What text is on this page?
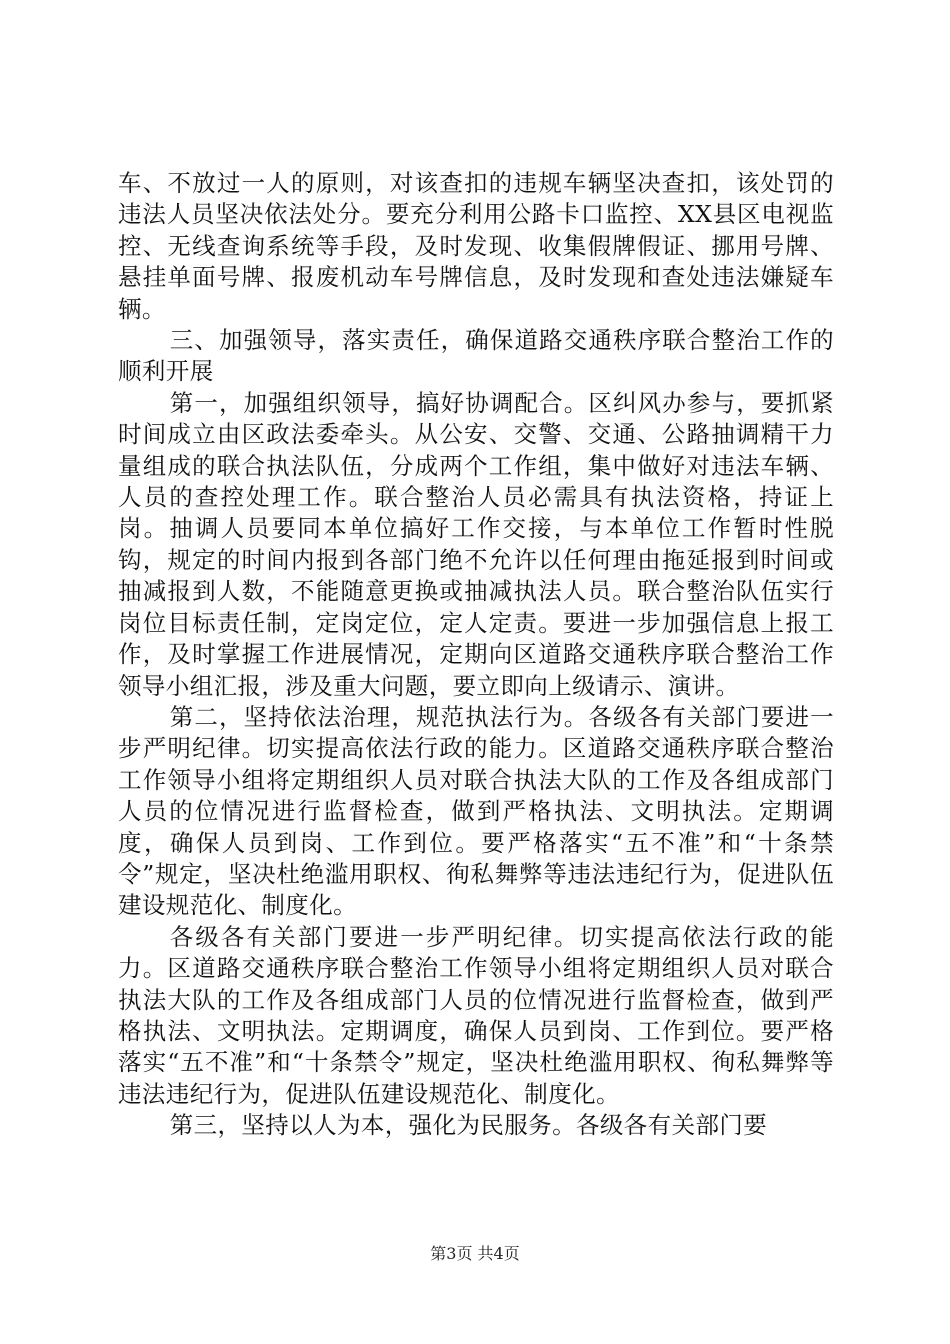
车、不放过一人的原则，对该查扣的违规车辆坚决查扣，该处罚的违法人员坚决依法处分。要充分利用公路卡口监控、XX县区电视监控、无线查询系统等手段，及时发现、收集假牌假证、挪用号牌、悬挂单面号牌、报废机动车号牌信息，及时发现和查处违法嫌疑车辆。

三、加强领导，落实责任，确保道路交通秩序联合整治工作的顺利开展

第一，加强组织领导，搞好协调配合。区纠风办参与，要抓紧时间成立由区政法委牵头。从公安、交警、交通、公路抽调精干力量组成的联合执法队伍，分成两个工作组，集中做好对违法车辆、人员的查控处理工作。联合整治人员必需具有执法资格，持证上岗。抽调人员要同本单位搞好工作交接，与本单位工作暂时性脱钩，规定的时间内报到各部门绝不允许以任何理由拖延报到时间或抽减报到人数，不能随意更换或抽减执法人员。联合整治队伍实行岗位目标责任制，定岗定位，定人定责。要进一步加强信息上报工作，及时掌握工作进展情况，定期向区道路交通秩序联合整治工作领导小组汇报，涉及重大问题，要立即向上级请示、演讲。

第二，坚持依法治理，规范执法行为。各级各有关部门要进一步严明纪律。切实提高依法行政的能力。区道路交通秩序联合整治工作领导小组将定期组织人员对联合执法大队的工作及各组成部门人员的位情况进行监督检查，做到严格执法、文明执法。定期调度，确保人员到岗、工作到位。要严格落实“五不准”和“十条禁令”规定，坚决杜绝滥用职权、徇私舞弊等违法违纪行为，促进队伍建设规范化、制度化。

各级各有关部门要进一步严明纪律。切实提高依法行政的能力。区道路交通秩序联合整治工作领导小组将定期组织人员对联合执法大队的工作及各组成部门人员的位情况进行监督检查，做到严格执法、文明执法。定期调度，确保人员到岗、工作到位。要严格落实“五不准”和“十条禁令”规定，坚决杜绝滥用职权、徇私舞弊等违法违纪行为，促进队伍建设规范化、制度化。

第三，坚持以人为本，强化为民服务。各级各有关部门要

第3页 共4页
